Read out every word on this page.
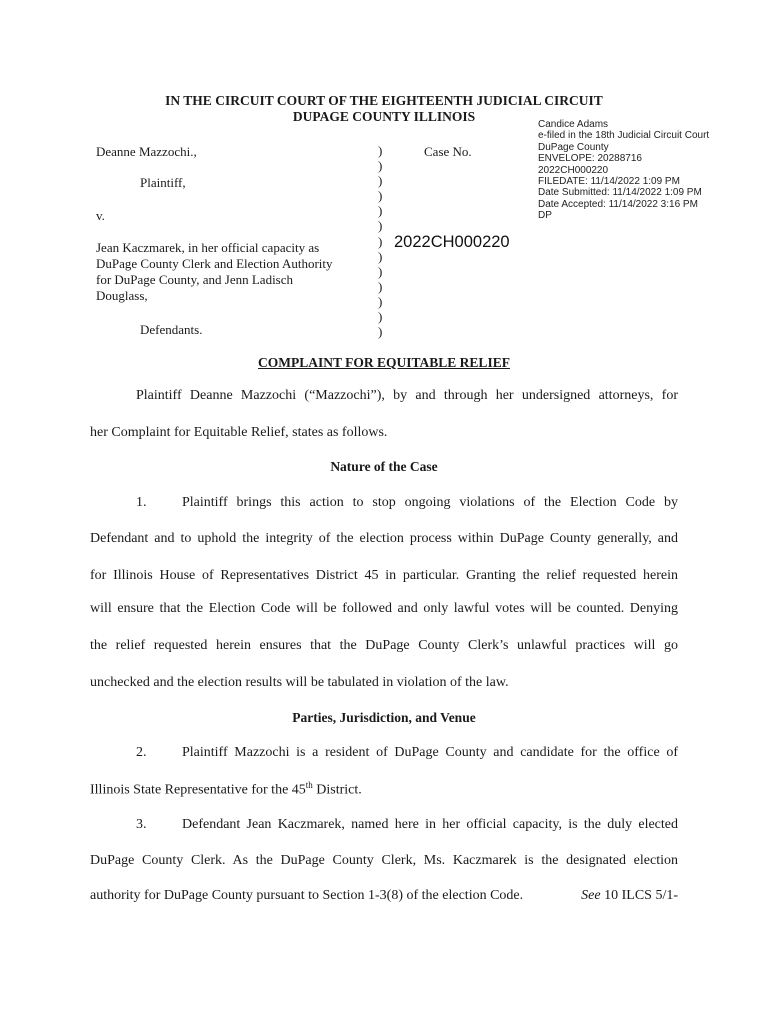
IN THE CIRCUIT COURT OF THE EIGHTEENTH JUDICIAL CIRCUIT
DUPAGE COUNTY ILLINOIS
Candice Adams
e-filed in the 18th Judicial Circuit Court
DuPage County
ENVELOPE: 20288716
2022CH000220
FILEDATE: 11/14/2022 1:09 PM
Date Submitted: 11/14/2022 1:09 PM
Date Accepted: 11/14/2022 3:16 PM
DP
Deanne Mazzochi.,
Plaintiff,
v.
Jean Kaczmarek, in her official capacity as
DuPage County Clerk and Election Authority
for DuPage County, and Jenn Ladisch
Douglass,
Defendants.
)
)
)
)
)
)
)
)
)
)
)
)
)
Case No.
2022CH000220
COMPLAINT FOR EQUITABLE RELIEF
Plaintiff Deanne Mazzochi (“Mazzochi”), by and through her undersigned attorneys, for
her Complaint for Equitable Relief, states as follows.
Nature of the Case
1.	Plaintiff brings this action to stop ongoing violations of the Election Code by
Defendant and to uphold the integrity of the election process within DuPage County generally, and
for Illinois House of Representatives District 45 in particular. Granting the relief requested herein
will ensure that the Election Code will be followed and only lawful votes will be counted. Denying
the relief requested herein ensures that the DuPage County Clerk’s unlawful practices will go
unchecked and the election results will be tabulated in violation of the law.
Parties, Jurisdiction, and Venue
2.	Plaintiff Mazzochi is a resident of DuPage County and candidate for the office of
Illinois State Representative for the 45th District.
3.	Defendant Jean Kaczmarek, named here in her official capacity, is the duly elected
DuPage County Clerk. As the DuPage County Clerk, Ms. Kaczmarek is the designated election
authority for DuPage County pursuant to Section 1-3(8) of the election Code.	See 10 ILCS 5/1-
